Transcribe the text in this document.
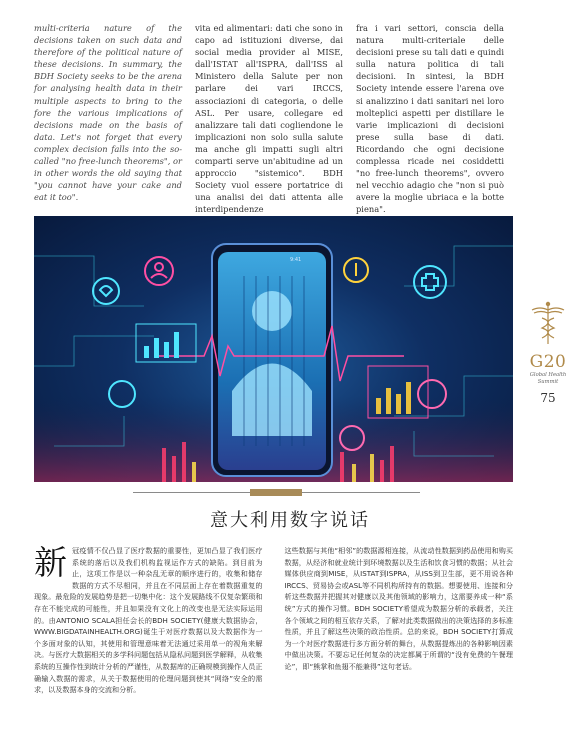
multi-criteria nature of the decisions taken on such data and therefore of the political nature of these decisions. In summary, the BDH Society seeks to be the arena for analysing health data in their multiple aspects to bring to the fore the various implications of decisions made on the basis of data. Let's not forget that every complex decision falls into the so-called "no free-lunch theorems", or in other words the old saying that "you cannot have your cake and eat it too".

vita ed alimentari: dati che sono in capo ad istituzioni diverse, dai social media provider al MISE, dall'ISTAT all'ISPRA, dall'ISS al Ministero della Salute per non parlare dei vari IRCCS, associazioni di categoria, o delle ASL. Per usare, collegare ed analizzare tali dati cogliendone le implicazioni non solo sulla salute ma anche gli impatti sugli altri comparti serve un'abitudine ad un approccio "sistemico". BDH Society vuol essere portatrice di una analisi dei dati attenta alle interdipendenze

fra i vari settori, conscia della natura multi-criteriale delle decisioni prese su tali dati e quindi sulla natura politica di tali decisioni. In sintesi, la BDH Society intende essere l'arena ove si analizzino i dati sanitari nei loro molteplici aspetti per distillare le varie implicazioni di decisioni prese sulla base di dati. Ricordando che ogni decisione complessa ricade nei cosiddetti "no free-lunch theorems", ovvero nel vecchio adagio che "non si può avere la moglie ubriaca e la botte piena".

9:41
G20
Global Health
Summit
75
意大利用数字说话
新 冠疫情不仅凸显了医疗数据的重要性，更加凸显了我们医疗系统的落后以及我们机构监视运作方式的缺陷。到目前为止，这项工作是以一种杂乱无章的顺序进行的，收集和储存数据的方式不尽相同，并且在不同层面上存在着数据重复的现象。最危险的发展趋势是把一切集中化：这个发展路线不仅复杂繁琐和存在不能完成的可能性，并且如果没有文化上的改变也是无法实际运用的。由ANTONIO SCALA担任会长的BDH SOCIETY(健康大数据协会，WWW.BIGDATAINHEALTH.ORG)诞生于对医疗数据以及大数据作为一个多面对象的认知，其使用和管理意味着无法通过采用单一的视角来解决。与医疗大数据相关的多学科问题包括从隐私问题到医学解释，从收集系统的互操作性到统计分析的严谨性，从数据库的正确规模到操作人员正确输入数据的需求，从关于数据使用的伦理问题到使其“网络”安全的需求，以及数据本身的交流和分析。

这些数据与其他“相邻”的数据源相连接，从流动性数据到药品使用和购买数据，从经济和就业统计到环境数据以及生活和饮食习惯的数据；从社会媒体供应商到MISE，从ISTAT到ISPRA，从ISS到卫生部，更不用说各种IRCCS、贸易协会或ASL等不同机构所持有的数据。想要使用、连接和分析这些数据并把握其对健康以及其他领域的影响力，这需要养成一种“系统”方式的操作习惯。BDH SOCIETY希望成为数据分析的承载者，关注各个领域之间的相互依存关系，了解对此类数据做出的决策选择的多标准性质，并且了解这些决策的政治性质。总的来说，BDH SOCIETY打算成为一个对医疗数据进行多方面分析的舞台，从数据提炼出的各种影响因素中做出决策。不要忘记任何复杂的决定都属于所谓的“没有免费的午餐理论”，即“熊掌和鱼翅不能兼得”这句老话。
